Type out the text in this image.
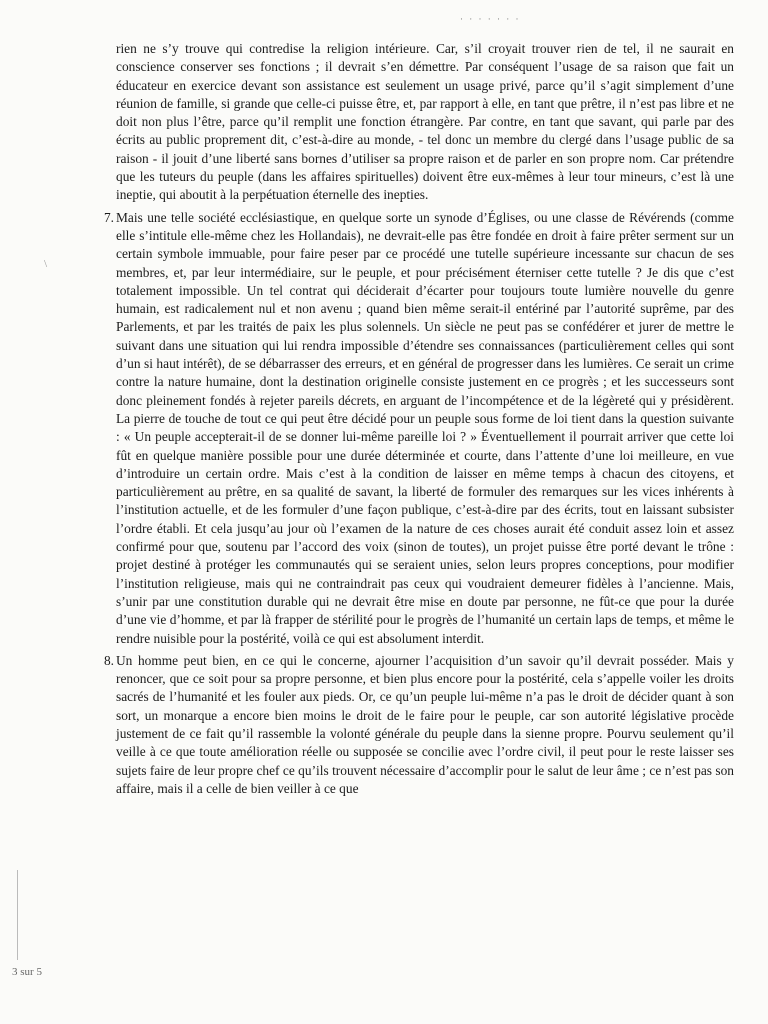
· · · · · · ·
\

rien ne s’y trouve qui contredise la religion intérieure. Car, s’il croyait trouver rien de tel, il ne saurait en conscience conserver ses fonctions ; il devrait s’en démettre. Par conséquent l’usage de sa raison que fait un éducateur en exercice devant son assistance est seulement un usage privé, parce qu’il s’agit simplement d’une réunion de famille, si grande que celle-ci puisse être, et, par rapport à elle, en tant que prêtre, il n’est pas libre et ne doit non plus l’être, parce qu’il remplit une fonction étrangère. Par contre, en tant que savant, qui parle par des écrits au public proprement dit, c’est-à-dire au monde, - tel donc un membre du clergé dans l’usage public de sa raison - il jouit d’une liberté sans bornes d’utiliser sa propre raison et de parler en son propre nom. Car prétendre que les tuteurs du peuple (dans les affaires spirituelles) doivent être eux-mêmes à leur tour mineurs, c’est là une ineptie, qui aboutit à la perpétuation éternelle des inepties.

7. Mais une telle société ecclésiastique, en quelque sorte un synode d’Églises, ou une classe de Révérends (comme elle s’intitule elle-même chez les Hollandais), ne devrait-elle pas être fondée en droit à faire prêter serment sur un certain symbole immuable, pour faire peser par ce procédé une tutelle supérieure incessante sur chacun de ses membres, et, par leur intermédiaire, sur le peuple, et pour précisément éterniser cette tutelle ? Je dis que c’est totalement impossible. Un tel contrat qui déciderait d’écarter pour toujours toute lumière nouvelle du genre humain, est radicalement nul et non avenu ; quand bien même serait-il entériné par l’autorité suprême, par des Parlements, et par les traités de paix les plus solennels. Un siècle ne peut pas se confédérer et jurer de mettre le suivant dans une situation qui lui rendra impossible d’étendre ses connaissances (particulièrement celles qui sont d’un si haut intérêt), de se débarrasser des erreurs, et en général de progresser dans les lumières. Ce serait un crime contre la nature humaine, dont la destination originelle consiste justement en ce progrès ; et les successeurs sont donc pleinement fondés à rejeter pareils décrets, en arguant de l’incompétence et de la légèreté qui y présidèrent. La pierre de touche de tout ce qui peut être décidé pour un peuple sous forme de loi tient dans la question suivante : « Un peuple accepterait-il de se donner lui-même pareille loi ? » Éventuellement il pourrait arriver que cette loi fût en quelque manière possible pour une durée déterminée et courte, dans l’attente d’une loi meilleure, en vue d’introduire un certain ordre. Mais c’est à la condition de laisser en même temps à chacun des citoyens, et particulièrement au prêtre, en sa qualité de savant, la liberté de formuler des remarques sur les vices inhérents à l’institution actuelle, et de les formuler d’une façon publique, c’est-à-dire par des écrits, tout en laissant subsister l’ordre établi. Et cela jusqu’au jour où l’examen de la nature de ces choses aurait été conduit assez loin et assez confirmé pour que, soutenu par l’accord des voix (sinon de toutes), un projet puisse être porté devant le trône : projet destiné à protéger les communautés qui se seraient unies, selon leurs propres conceptions, pour modifier l’institution religieuse, mais qui ne contraindrait pas ceux qui voudraient demeurer fidèles à l’ancienne. Mais, s’unir par une constitution durable qui ne devrait être mise en doute par personne, ne fût-ce que pour la durée d’une vie d’homme, et par là frapper de stérilité pour le progrès de l’humanité un certain laps de temps, et même le rendre nuisible pour la postérité, voilà ce qui est absolument interdit.

8. Un homme peut bien, en ce qui le concerne, ajourner l’acquisition d’un savoir qu’il devrait posséder. Mais y renoncer, que ce soit pour sa propre personne, et bien plus encore pour la postérité, cela s’appelle voiler les droits sacrés de l’humanité et les fouler aux pieds. Or, ce qu’un peuple lui-même n’a pas le droit de décider quant à son sort, un monarque a encore bien moins le droit de le faire pour le peuple, car son autorité législative procède justement de ce fait qu’il rassemble la volonté générale du peuple dans la sienne propre. Pourvu seulement qu’il veille à ce que toute amélioration réelle ou supposée se concilie avec l’ordre civil, il peut pour le reste laisser ses sujets faire de leur propre chef ce qu’ils trouvent nécessaire d’accomplir pour le salut de leur âme ; ce n’est pas son affaire, mais il a celle de bien veiller à ce que

3 sur 5
